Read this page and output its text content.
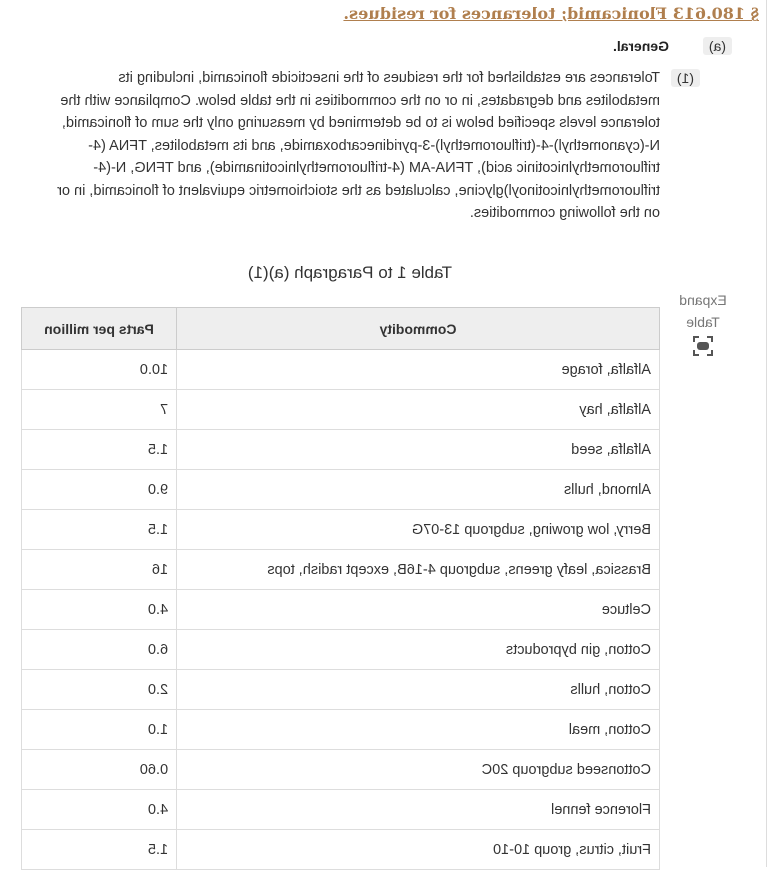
§ 180.613 Flonicamid; tolerances for residues.
(a)
General.
(1)
Tolerances are established for the residues of the insecticide flonicamid, including its metabolites and degradates, in or on the commodities in the table below. Compliance with the tolerance levels specified below is to be determined by measuring only the sum of flonicamid, N-(cyanomethyl)-4-(trifluoromethyl)-3-pyridinecarboxamide, and its metabolites, TFNA (4-trifluoromethylnicotinic acid), TFNA-AM (4-trifluoromethylnicotinamide), and TFNG, N-(4-trifluoromethylnicotinoyl)glycine, calculated as the stoichiometric equivalent of flonicamid, in or on the following commodities.
Table 1 to Paragraph (a)(1)
Commodity	Parts per million
Alfalfa, forage	10.0
Alfalfa, hay	7
Alfalfa, seed	1.5
Almond, hulls	9.0
Berry, low growing, subgroup 13-07G	1.5
Brassica, leafy greens, subgroup 4-16B, except radish, tops	16
Celtuce	4.0
Cotton, gin byproducts	6.0
Cotton, hulls	2.0
Cotton, meal	1.0
Cottonseed subgroup 20C	0.60
Florence fennel	4.0
Fruit, citrus, group 10-10	1.5
Expand
Table
